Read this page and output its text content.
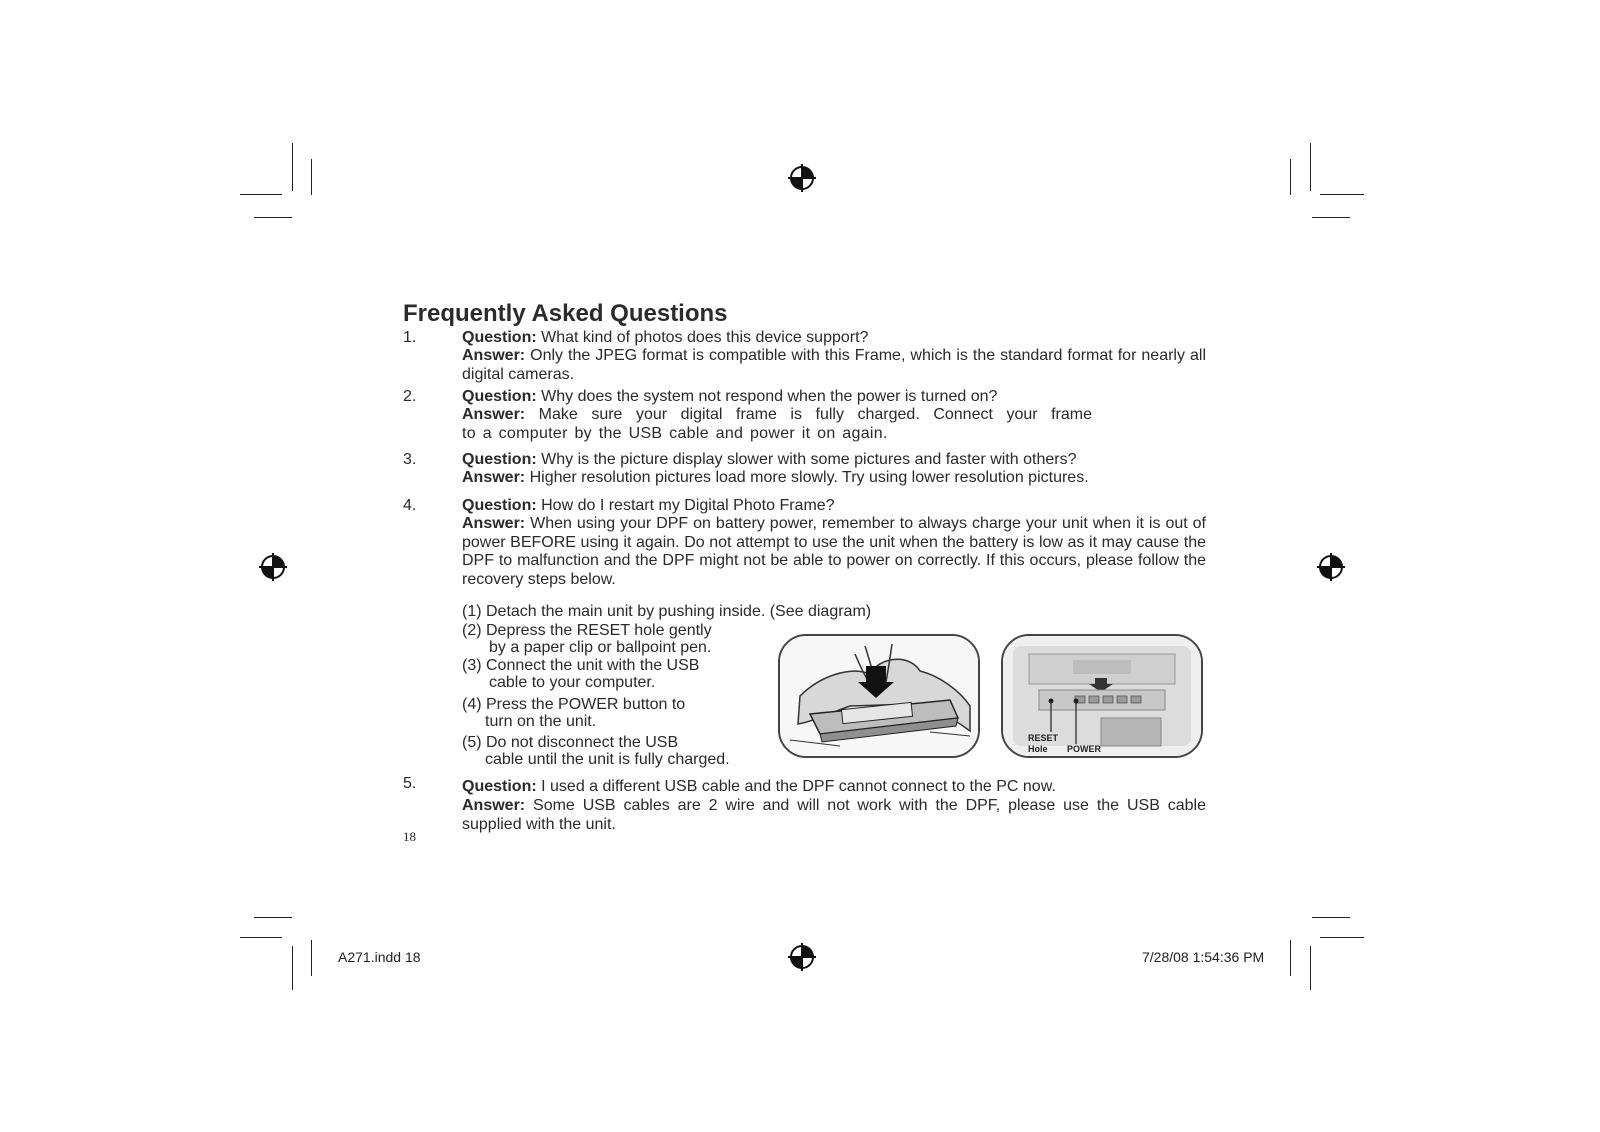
Frequently Asked Questions
1.	Question: What kind of photos does this device support?

Answer: Only the JPEG format is compatible with this Frame, which is the standard format for nearly all digital cameras.

2.	Question: Why does the system not respond when the power is turned on?

Answer: Make sure your digital frame is fully charged. Connect your frame
to a computer by the USB cable and power it on again.
3.	Question: Why is the picture display slower with some pictures and faster with others?

Answer: Higher resolution pictures load more slowly. Try using lower resolution pictures.

4.	Question: How do I restart my Digital Photo Frame?

Answer: When using your DPF on battery power, remember to always charge your unit when it is out of power BEFORE using it again. Do not attempt to use the unit when the battery is low as it may cause the DPF to malfunction and the DPF might not be able to power on correctly. If this occurs, please follow the recovery steps below.

(1) Detach the main unit by pushing inside. (See diagram)
(2) Depress the RESET hole gently
by a paper clip or ballpoint pen.
(3) Connect the unit with the USB
cable to your computer.
(4) Press the POWER button to
turn on the unit.
(5) Do not disconnect the USB
cable until the unit is fully charged.
RESET
Hole	POWER
5.	Question: I used a different USB cable and the DPF cannot connect to the PC now.

Answer: Some USB cables are 2 wire and will not work with the DPF, please use the USB cable supplied with the unit.

18
A271.indd 18	7/28/08 1:54:36 PM
